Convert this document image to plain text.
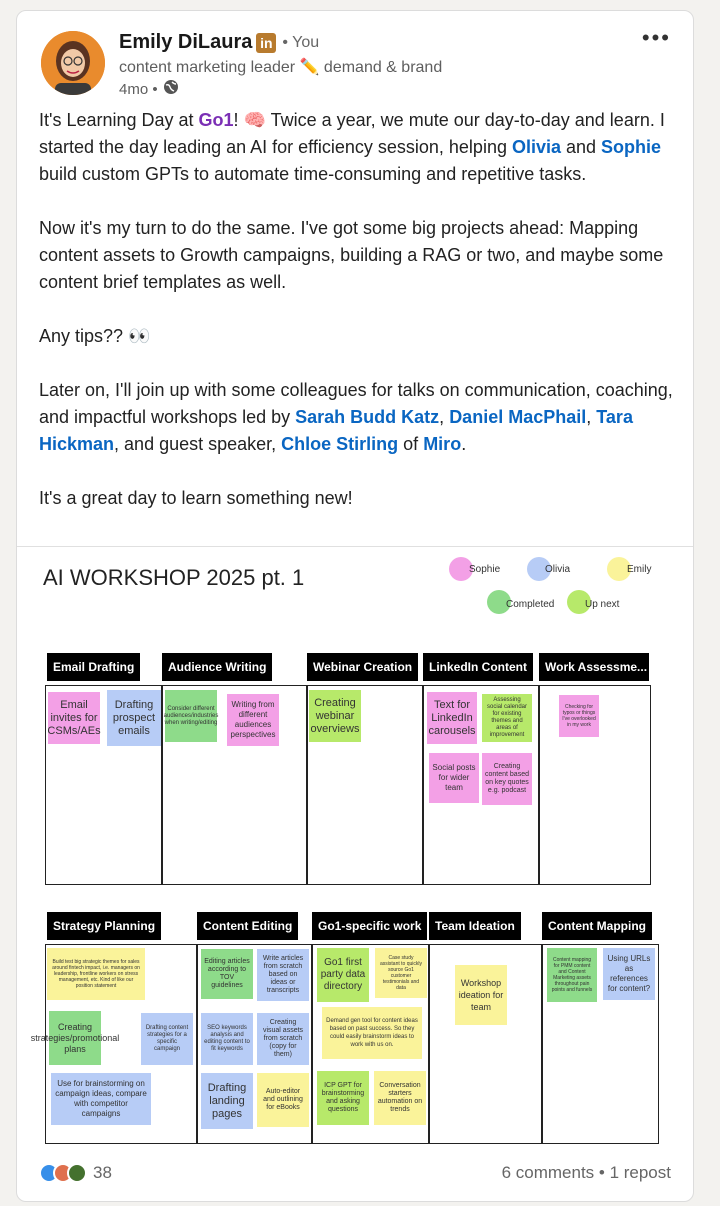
Emily DiLaura in • You
content marketing leader ✏️ demand & brand
4mo •
•••

It's Learning Day at Go1! 🧠 Twice a year, we mute our day-to-day and learn. I started the day leading an AI for efficiency session, helping Olivia and Sophie build custom GPTs to automate time-consuming and repetitive tasks.

Now it's my turn to do the same. I've got some big projects ahead: Mapping content assets to Growth campaigns, building a RAG or two, and maybe some content brief templates as well.

Any tips?? 👀

Later on, I'll join up with some colleagues for talks on communication, coaching, and impactful workshops led by Sarah Budd Katz, Daniel MacPhail, Tara Hickman, and guest speaker, Chloe Stirling of Miro.

It's a great day to learn something new!

AI WORKSHOP 2025 pt. 1	Sophie	Olivia	Emily
Completed	Up next
Email Drafting	Audience Writing	Webinar Creation	LinkedIn Content	Work Assessme...
Email invites for CSMs/AEs
Drafting prospect emails
Consider different audiences/industries when writing/editing
Writing from different audiences perspectives
Creating webinar overviews
Text for LinkedIn carousels
Assessing social calendar for existing themes and areas of improvement
Social posts for wider team
Creating content based on key quotes e.g. podcast
Checking for typos or things I've overlooked in my work
Strategy Planning	Content Editing	Go1-specific work	Team Ideation	Content Mapping
Build test big strategic themes for sales around fintech impact, i.e. managers on leadership, frontline workers on stress management, etc. Kind of like our position statement
Creating strategies/promotional plans
Drafting content strategies for a specific campaign
Use for brainstorming on campaign ideas, compare with competitor campaigns
Editing articles according to TOV guidelines
Write articles from scratch based on ideas or transcripts
SEO keywords analysis and editing content to fit keywords
Creating visual assets from scratch (copy for them)
Drafting landing pages
Auto-editor and outlining for eBooks
Go1 first party data directory
Case study assistant to quickly source Go1 customer testimonials and data
Demand gen tool for content ideas based on past success. So they could easily brainstorm ideas to work with us on.
ICP GPT for brainstorming and asking questions
Conversation starters automation on trends
Workshop ideation for team
Content mapping for PMM content and Content Marketing assets throughout pain points and funnels
Using URLs as references for content?
38	6 comments • 1 repost
